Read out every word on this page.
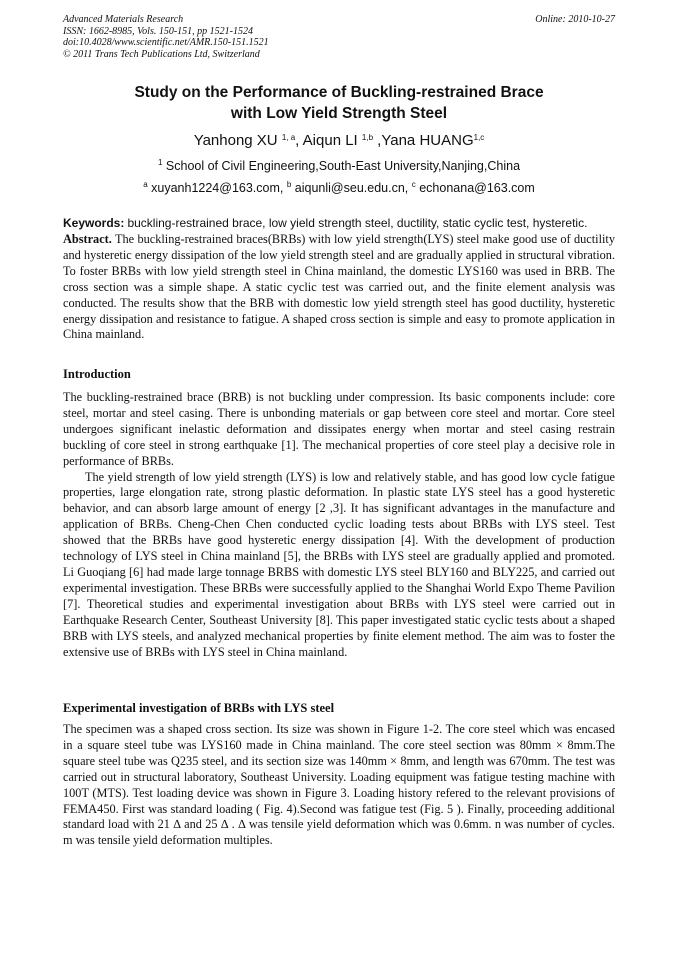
Advanced Materials Research
ISSN: 1662-8985, Vols. 150-151, pp 1521-1524
doi:10.4028/www.scientific.net/AMR.150-151.1521
© 2011 Trans Tech Publications Ltd, Switzerland
Online: 2010-10-27
Study on the Performance of Buckling-restrained Brace
with Low Yield Strength Steel
Yanhong XU $^{1, a}$, Aiqun LI $^{1,b}$ ,Yana HUANG$^{1,c}$
$^1$ School of Civil Engineering,South-East University,Nanjing,China
$^a$ xuyanh1224@163.com, $^b$ aiqunli@seu.edu.cn, $^c$ echonana@163.com
Keywords: buckling-restrained brace, low yield strength steel, ductility, static cyclic test, hysteretic.
Abstract. The buckling-restrained braces(BRBs) with low yield strength(LYS) steel make good use of ductility and hysteretic energy dissipation of the low yield strength steel and are gradually applied in structural vibration. To foster BRBs with low yield strength steel in China mainland, the domestic LYS160 was used in BRB. The cross section was a simple shape. A static cyclic test was carried out, and the finite element analysis was conducted. The results show that the BRB with domestic low yield strength steel has good ductility, hysteretic energy dissipation and resistance to fatigue. A shaped cross section is simple and easy to promote application in China mainland.
Introduction

The buckling-restrained brace (BRB) is not buckling under compression. Its basic components include: core steel, mortar and steel casing. There is unbonding materials or gap between core steel and mortar. Core steel undergoes significant inelastic deformation and dissipates energy when mortar and steel casing restrain buckling of core steel in strong earthquake [1]. The mechanical properties of core steel play a decisive role in performance of BRBs.

The yield strength of low yield strength (LYS) is low and relatively stable, and has good low cycle fatigue properties, large elongation rate, strong plastic deformation. In plastic state LYS steel has a good hysteretic behavior, and can absorb large amount of energy [2 ,3]. It has significant advantages in the manufacture and application of BRBs. Cheng-Chen Chen conducted cyclic loading tests about BRBs with LYS steel. Test showed that the BRBs have good hysteretic energy dissipation [4]. With the development of production technology of LYS steel in China mainland [5], the BRBs with LYS steel are gradually applied and promoted. Li Guoqiang [6] had made large tonnage BRBS with domestic LYS steel BLY160 and BLY225, and carried out experimental investigation. These BRBs were successfully applied to the Shanghai World Expo Theme Pavilion [7]. Theoretical studies and experimental investigation about BRBs with LYS steel were carried out in Earthquake Research Center, Southeast University [8]. This paper investigated static cyclic tests about a shaped BRB with LYS steels, and analyzed mechanical properties by finite element method. The aim was to foster the extensive use of BRBs with LYS steel in China mainland.

Experimental investigation of BRBs with LYS steel

The specimen was a shaped cross section. Its size was shown in Figure 1-2. The core steel which was encased in a square steel tube was LYS160 made in China mainland. The core steel section was 80mm × 8mm.The square steel tube was Q235 steel, and its section size was 140mm × 8mm, and length was 670mm. The test was carried out in structural laboratory, Southeast University. Loading equipment was fatigue testing machine with 100T (MTS). Test loading device was shown in Figure 3. Loading history refered to the relevant provisions of FEMA450. First was standard loading ( Fig. 4).Second was fatigue test (Fig. 5 ). Finally, proceeding additional standard load with 21 ∆ and 25 ∆ . ∆ was tensile yield deformation which was 0.6mm. n was number of cycles. m was tensile yield deformation multiples.
